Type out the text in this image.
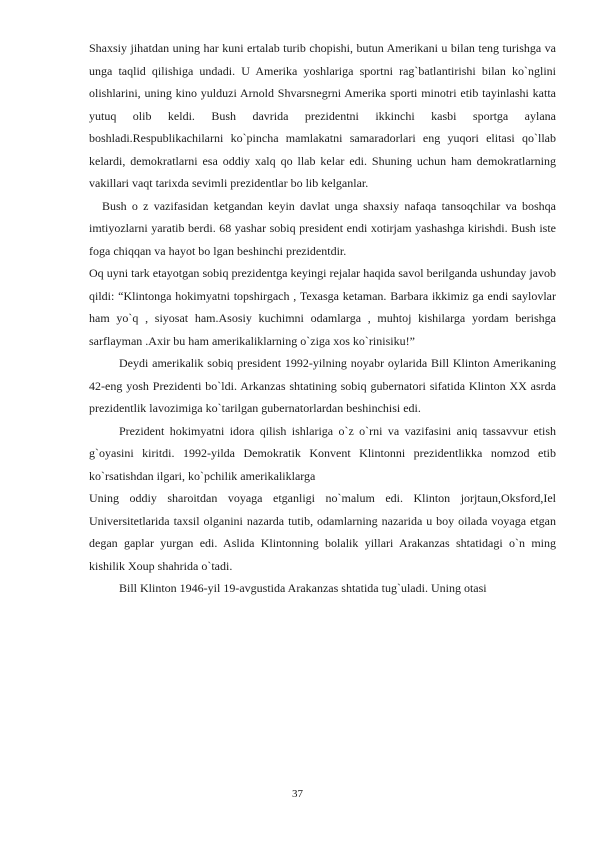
Shaxsiy jihatdan uning har kuni ertalab turib chopishi, butun Amerikani u bilan teng turishga va unga taqlid qilishiga undadi. U Amerika yoshlariga sportni rag`batlantirishi bilan ko`nglini olishlarini, uning kino yulduzi Arnold Shvarsnegrni Amerika sporti minotri etib tayinlashi katta yutuq olib keldi. Bush davrida prezidentni ikkinchi kasbi sportga aylana boshladi.Respublikachilarni ko`pincha mamlakatni samaradorlari eng yuqori elitasi qo`llab kelardi, demokratlarni esa oddiy xalq qo llab kelar edi. Shuning uchun ham demokratlarning vakillari vaqt tarixda sevimli prezidentlar bo lib kelganlar.

Bush o z vazifasidan ketgandan keyin davlat unga shaxsiy nafaqa tansoqchilar va boshqa imtiyozlarni yaratib berdi. 68 yashar sobiq president endi xotirjam yashashga kirishdi. Bush iste foga chiqqan va hayot bo lgan beshinchi prezidentdir.

Oq uyni tark etayotgan sobiq prezidentga keyingi rejalar haqida savol berilganda ushunday javob qildi: “Klintonga hokimyatni topshirgach , Texasga ketaman. Barbara ikkimiz ga endi saylovlar ham yo`q , siyosat ham.Asosiy kuchimni odamlarga , muhtoj kishilarga yordam berishga sarflayman .Axir bu ham amerikaliklarning o`ziga xos ko`rinisiku!”

Deydi amerikalik sobiq president 1992-yilning noyabr oylarida Bill Klinton Amerikaning 42-eng yosh Prezidenti bo`ldi. Arkanzas shtatining sobiq gubernatori sifatida Klinton XX asrda prezidentlik lavozimiga ko`tarilgan gubernatorlardan beshinchisi edi.

Prezident hokimyatni idora qilish ishlariga o`z o`rni va vazifasini aniq tassavvur etish g`oyasini kiritdi. 1992-yilda Demokratik Konvent Klintonni prezidentlikka nomzod etib ko`rsatishdan ilgari, ko`pchilik amerikaliklarga

Uning oddiy sharoitdan voyaga etganligi no`malum edi. Klinton jorjtaun,Oksford,Iel Universitetlarida taxsil olganini nazarda tutib, odamlarning nazarida u boy oilada voyaga etgan degan gaplar yurgan edi. Aslida Klintonning bolalik yillari Arakanzas shtatidagi o`n ming kishilik Xoup shahrida o`tadi.

Bill Klinton 1946-yil 19-avgustida Arakanzas shtatida tug`uladi. Uning otasi

37
